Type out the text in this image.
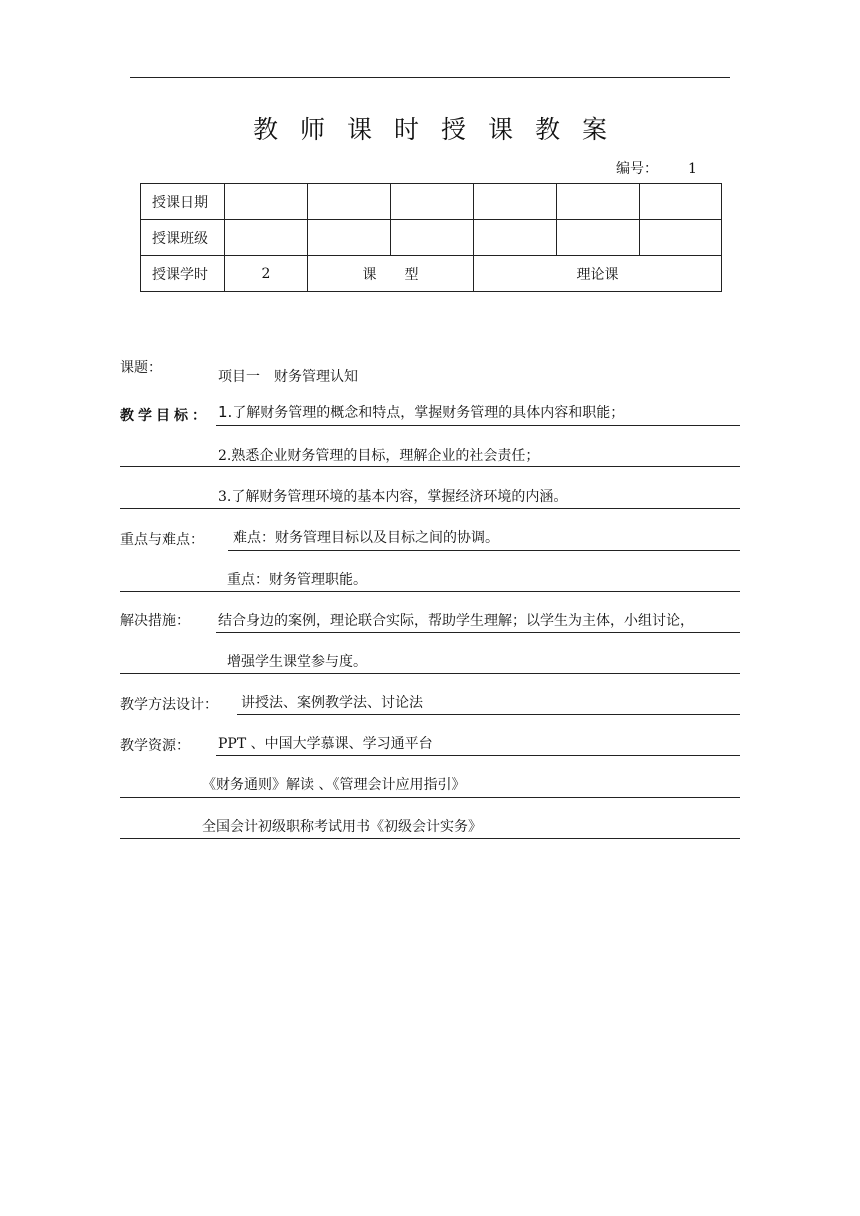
教师课时授课教案
编号： 1
授课日期						
授课班级						
授课学时	2	课　　型		理论课		
课题：
项目一　财务管理认知
教学目标： 1.了解财务管理的概念和特点，掌握财务管理的具体内容和职能；
2.熟悉企业财务管理的目标，理解企业的社会责任；
3.了解财务管理环境的基本内容，掌握经济环境的内涵。
重点与难点： 难点：财务管理目标以及目标之间的协调。
重点：财务管理职能。
解决措施： 结合身边的案例，理论联合实际，帮助学生理解；以学生为主体，小组讨论，
增强学生课堂参与度。
教学方法设计： 讲授法、案例教学法、讨论法
教学资源： PPT 、中国大学慕课、学习通平台
《财务通则》解读 、《管理会计应用指引》
全国会计初级职称考试用书《初级会计实务》
